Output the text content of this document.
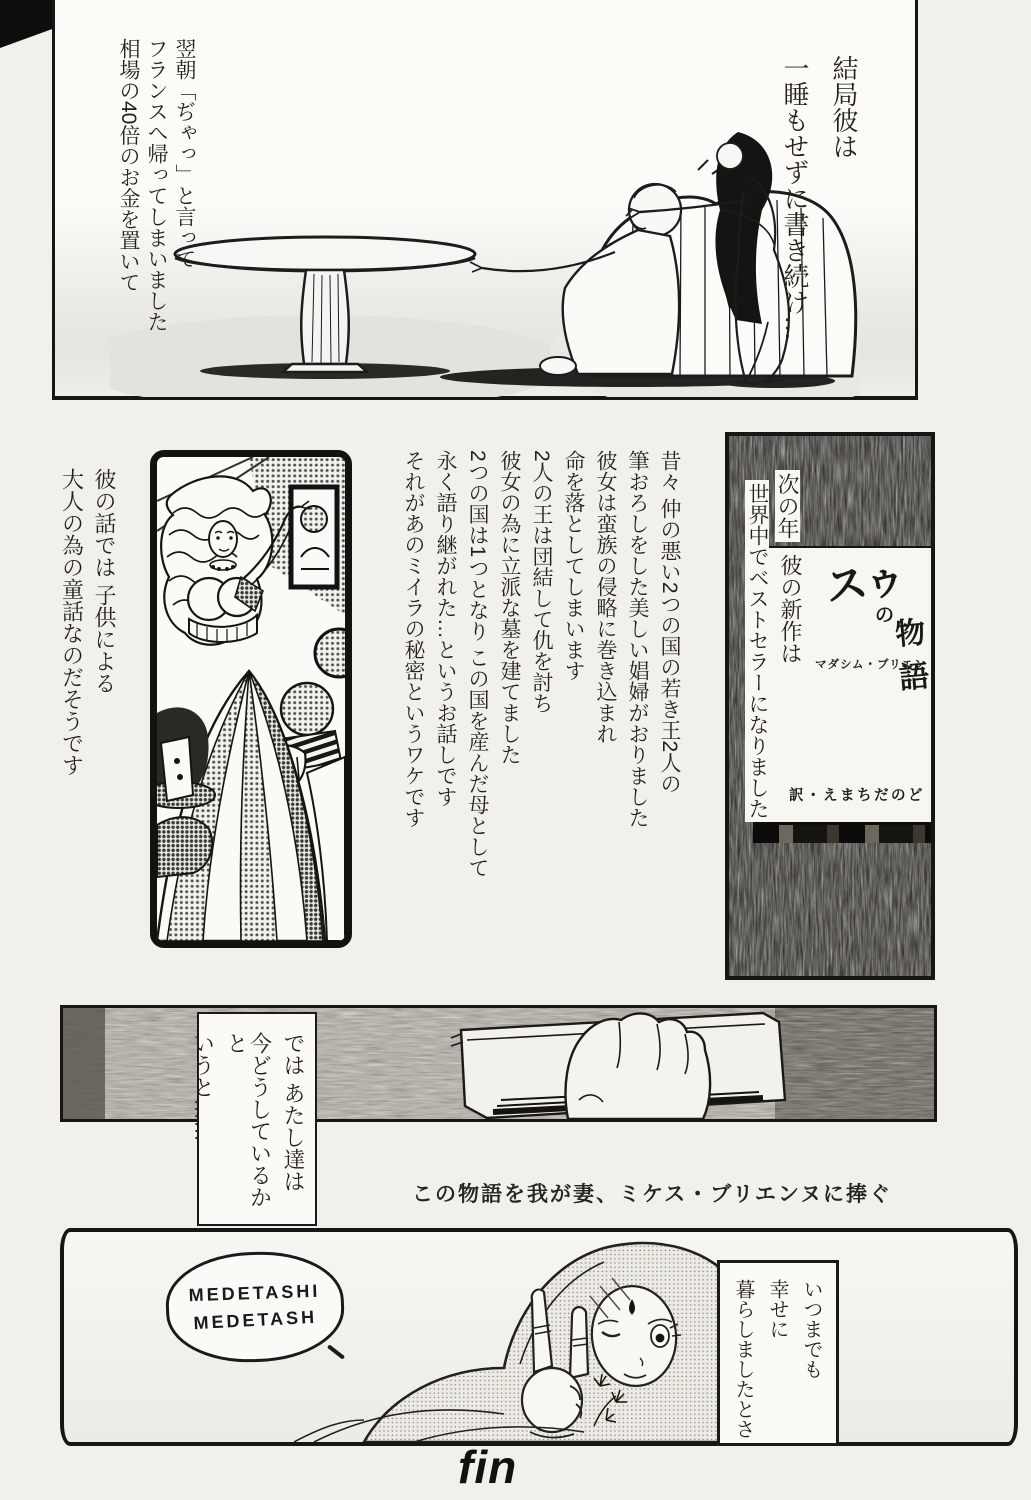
結局彼は
一睡もせずに書き続け…
翌朝「ぢゃっ」と言って
フランスへ帰ってしまいました
相場の40倍のお金を置いて
スゥ
の
物語
マダシム・ブリエン
訳・えまちだのど
次の年
世界中でベストセラーになりました 彼の新作は
昔々 仲の悪い2つの国の若き王2人の
筆おろしをした美しい娼婦がおりました
彼女は蛮族の侵略に巻き込まれ
命を落としてしまいます
2人の王は団結して仇を討ち
彼女の為に立派な墓を建てました
2つの国は1つとなり この国を産んだ母として
永く語り継がれた…というお話しです
それがあのミイラの秘密というワケです
彼の話では 子供による
大人の為の童話なのだそうです
では あたし達は
今どうしているかと
いうと……
この物語を我が妻、ミケス・ブリエンヌに捧ぐ
MEDETASHI
MEDETASH	いつまでも
幸せに
暮らしましたとさ
fin
